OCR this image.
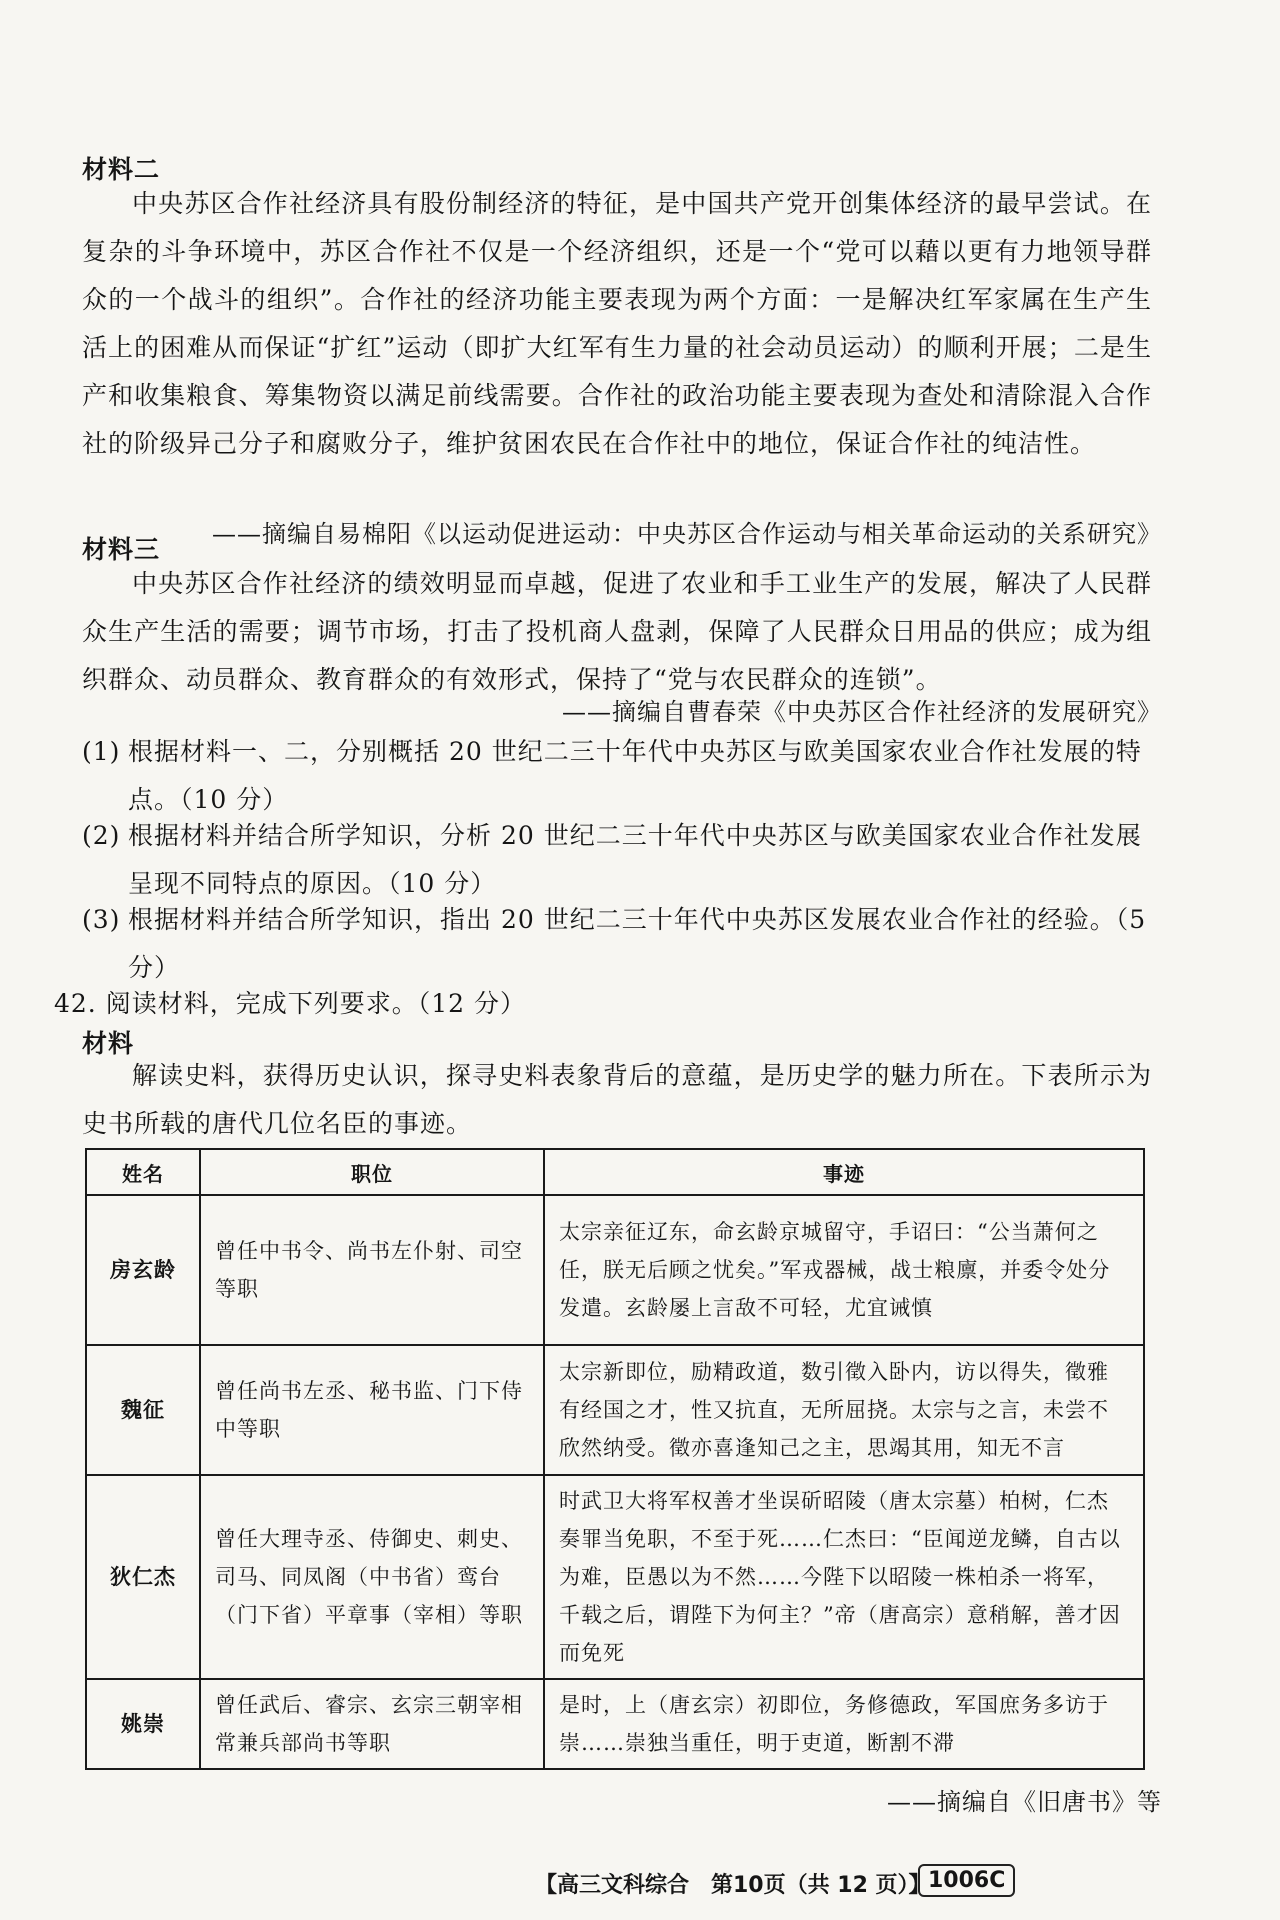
材料二
中央苏区合作社经济具有股份制经济的特征，是中国共产党开创集体经济的最早尝试。在复杂的斗争环境中，苏区合作社不仅是一个经济组织，还是一个“党可以藉以更有力地领导群众的一个战斗的组织”。合作社的经济功能主要表现为两个方面：一是解决红军家属在生产生活上的困难从而保证“扩红”运动（即扩大红军有生力量的社会动员运动）的顺利开展；二是生产和收集粮食、筹集物资以满足前线需要。合作社的政治功能主要表现为查处和清除混入合作社的阶级异己分子和腐败分子，维护贫困农民在合作社中的地位，保证合作社的纯洁性。
——摘编自易棉阳《以运动促进运动：中央苏区合作运动与相关革命运动的关系研究》
材料三
中央苏区合作社经济的绩效明显而卓越，促进了农业和手工业生产的发展，解决了人民群众生产生活的需要；调节市场，打击了投机商人盘剥，保障了人民群众日用品的供应；成为组织群众、动员群众、教育群众的有效形式，保持了“党与农民群众的连锁”。
——摘编自曹春荣《中央苏区合作社经济的发展研究》
(1) 根据材料一、二，分别概括 20 世纪二三十年代中央苏区与欧美国家农业合作社发展的特点。（10 分）
(2) 根据材料并结合所学知识，分析 20 世纪二三十年代中央苏区与欧美国家农业合作社发展呈现不同特点的原因。（10 分）
(3) 根据材料并结合所学知识，指出 20 世纪二三十年代中央苏区发展农业合作社的经验。（5 分）
42. 阅读材料，完成下列要求。（12 分）
材料
解读史料，获得历史认识，探寻史料表象背后的意蕴，是历史学的魅力所在。下表所示为史书所载的唐代几位名臣的事迹。
姓名	职位	事迹
房玄龄	曾任中书令、尚书左仆射、司空等职	太宗亲征辽东，命玄龄京城留守，手诏曰：“公当萧何之任，朕无后顾之忧矣。”军戎器械，战士粮廪，并委令处分发遣。玄龄屡上言敌不可轻，尤宜诫慎
魏征	曾任尚书左丞、秘书监、门下侍中等职	太宗新即位，励精政道，数引徵入卧内，访以得失，徵雅有经国之才，性又抗直，无所屈挠。太宗与之言，未尝不欣然纳受。徵亦喜逢知己之主，思竭其用，知无不言
狄仁杰	曾任大理寺丞、侍御史、刺史、司马、同凤阁（中书省）鸾台（门下省）平章事（宰相）等职	时武卫大将军权善才坐误斫昭陵（唐太宗墓）柏树，仁杰奏罪当免职，不至于死……仁杰曰：“臣闻逆龙鳞，自古以为难，臣愚以为不然……今陛下以昭陵一株柏杀一将军，千载之后，谓陛下为何主？”帝（唐高宗）意稍解，善才因而免死
姚崇	曾任武后、睿宗、玄宗三朝宰相常兼兵部尚书等职	是时，上（唐玄宗）初即位，务修德政，军国庶务多访于崇……崇独当重任，明于吏道，断割不滞
——摘编自《旧唐书》等
【高三文科综合　第10页（共 12 页）】
1006C
